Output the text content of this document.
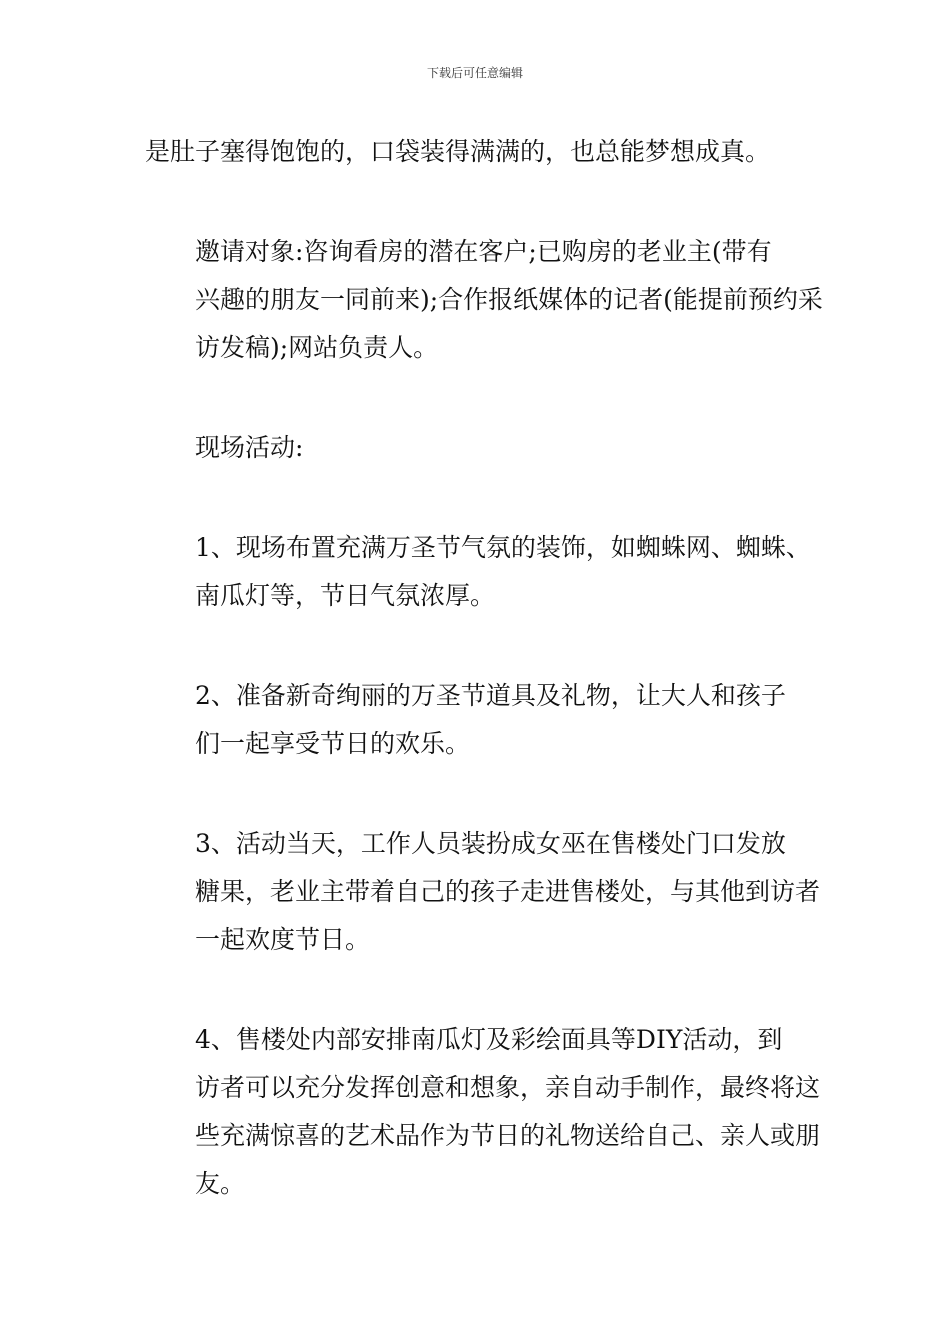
下载后可任意编辑

是肚子塞得饱饱的，口袋装得满满的，也总能梦想成真。

邀请对象:咨询看房的潜在客户;已购房的老业主(带有
兴趣的朋友一同前来);合作报纸媒体的记者(能提前预约采
访发稿);网站负责人。

现场活动:

1、现场布置充满万圣节气氛的装饰，如蜘蛛网、蜘蛛、
南瓜灯等，节日气氛浓厚。

2、准备新奇绚丽的万圣节道具及礼物，让大人和孩子
们一起享受节日的欢乐。

3、活动当天，工作人员装扮成女巫在售楼处门口发放
糖果，老业主带着自己的孩子走进售楼处，与其他到访者
一起欢度节日。

4、售楼处内部安排南瓜灯及彩绘面具等DIY活动，到
访者可以充分发挥创意和想象，亲自动手制作，最终将这
些充满惊喜的艺术品作为节日的礼物送给自己、亲人或朋
友。
